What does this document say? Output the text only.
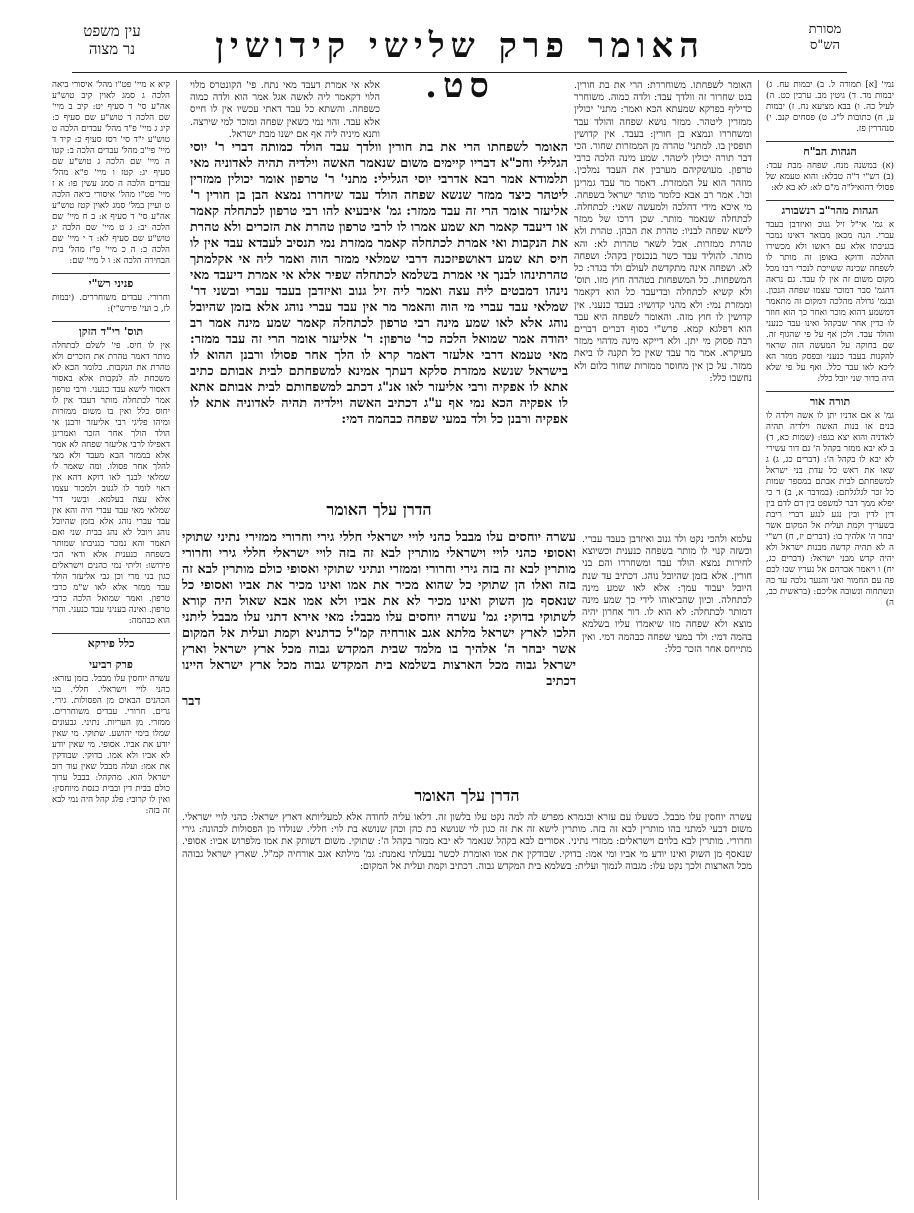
עין משפט
נר מצוה	האומר פרק שלישי קידושין סט.
מסורת
הש"ס

נמי' [א] תמורה ל. ב) יבמות עח. ג) יבמות מד. ד) גיטין מב. ערכין כט. ה) לעיל כה. ו) בבא מציעא נח. ז) יבמות ע, ח) כתובות ל"ג. ט) פסחים קנב. י) סנהדרין פז.

הגהות הב"ח

(א) במשנה מנח. שפחה מבת עבד: (ב) רש"י ד"ה טבלא: והוא טעמא של פסולי דהואיל"ה מ"ם לא: לא בא לא:

הגהות מהר"ב רנשבורג

א גמ' אי"ל זיל גנוב ואיזדבן בעבד עברי. הנה מכאן מבואר דאינו נמכר בגניבתו אלא עם ראשו ולא מכשירו ההלכה ודוקא באופן זה מותר לו לשפחה שכינה ששייכת לנכרי רבו מכל מקום משום זה אין לו עבד. גם נראה דהגמ' סבר דמוכר עצמו שפחה הנכון. ובגמ' גדולה מהלכה דמקום זה מתאמר דמשמע דהוא מוכר ואחר כך הוא חוזר לו כדין אחר שבקהל ואינו עבד כנעני והולד עבד. ולכן אף על פי שהגוף זה. שם בחוקה על המעשה הזה שראוי להקנות בעבד כנעני ובפסק ממזר הא ליכא לאו עבד כלל. ואף על פי שלא היה בדור שני יובל כלל:

תורה אור

גמ' א אם אדניו יתן לו אשה וילדה לו בנים או בנות האשה וילדיה תהיה לאדניה והוא יצא בגפו: (שמות כא, ד) ב לא יבא ממזר בקהל ה' גם דור עשירי לא יבא לו בקהל ה': (דברים כג, ג) ג שאו את ראש כל עדת בני ישראל למשפחתם לבית אבתם במספר שמות כל זכר לגלגלתם: (במדבר א, ב) ד כי יפלא ממך דבר למשפט בין דם לדם בין דין לדין ובין נגע לנגע דברי ריבת בשעריך וקמת ועלית אל המקום אשר יבחר ה' אלהיך בו: (דברים יז, ח) רש"י ה לא תהיה קדשה מבנות ישראל ולא יהיה קדש מבני ישראל: (דברים כג, יח) ו ויאמר אברהם אל נעריו שבו לכם פה עם החמור ואני והנער נלכה עד כה ונשתחוה ונשובה אליכם: (בראשית כב, ה)

האומר לשפחתו. משוחררת: הרי את בת חורין. בגט שחרור זה וולדך עבד: ולדה כמוה. משוחרר כדיליף בפרקא שמעתא הכא ואמר: מתני' יכולין ממזרין ליטהר. ממזר נושא שפחה והולד עבד ומשחררו ונמצא בן חורין: בעבד. אין קדושין תופסין בו. למתני' טהרה מן הממזרות שחור. הכי דבר תורה יכולין ליטהר. שמע מינה הלכה כרבי טרפון. מעושקיהם מערבין את העבד נמלכין. מוזהר הוא על הממזרת. דאמר מר עבד גמרינן וכו'. אמר רב אבא כלומר מותר ישראל בשפחה. מי איכא מידי דהלכה ולמעשה שאני: לבתחלה. לכתחלה שנאמר מותר. שכן דרכו של ממזר לישא שפחה לבניו: טהרת את הכהן. טהרת ולא טהרת ממזרות. אבל לשאר טהרות לא: והא מותר. להוליד עבד כשר בנכנסין בקהל: ושפחה לא. ושפחה אינה מתקדשת לעולם ולד בגדר: כל המשפחות. כל המשפחות בטהרה חוץ מזו. תוס' ולא קשיא לכתחלה ובדיעבד כל הוא דקאמר וממזרת נמי: ולא מהני קדושיו: בעבד כנעני. אין קדושין לו חוץ מזה. והאומר לשפחה היא עבד הוא דפלגא קמא. פרש"י בסוף דברים דברים רבה פסוק מי יתן. ולא דייקא מינה מדהוי ממזר מעיקרא. אמר מר עבד שאין כל תקנה לו ביאת ממזר. על כן אין מחוסר ממזרות שחור כלום ולא נחשבו כלל:

אלא אי אמרת דעבד מאי נתח. פי' הקונטרס מלוי הלוי דקאמר ליה לאשה אגל אמר הוא ולדה כמוה כשפחה. והשתא כל עבד דאתי עכשיו אין לו חייס אלא עבד. והוי נמי כשאין שפחה ומוכר למי שירצה. ותנא מיניה ליה אף אם ישנו מבת ישראל.

האומר לשפחתו הרי את בת חורין וולדך עבד הולד כמותה דברי ר' יוסי הגלילי וחכ"א דבריו קיימים משום שנאמר האשה וילדיה תהיה לאדוניה מאי תלמודא אמר רבא אדרבי יוסי הגלילי: מתני' ר' טרפון אומר יכולין ממזרין ליטהר כיצד ממזר שנשא שפחה הולד עבד שיחררו נמצא הבן בן חורין ר' אליעזר אומר הרי זה עבד ממזר: גמ' איבעיא להו רבי טרפון לכתחלה קאמר או דיעבד קאמר תא שמע אמרו לו לרבי טרפון טהרת את הזכרים ולא טהרת את הנקבות ואי אמרת לכתחלה קאמר ממזרת נמי תנסיב לעבדא עבד אין לו חיס תא שמע דאושפיזכנה דרבי שמלאי ממזר הוה ואמר ליה אי אקלמתך טהרתינהו לבנך אי אמרת בשלמא לכתחלה שפיר אלא אי אמרת דיעבד מאי נינהו דמבטים ליה עצה ואמר ליה זיל גנוב ואיזדבן בעבד עברי ובשני דר' שמלאי עבד עברי מי הוה והאמר מר אין עבד עברי נוהג אלא בזמן שהיובל נוהג אלא לאו שמע מינה רבי טרפון לכתחלה קאמר שמע מינה אמר רב יהודה אמר שמואל הלכה כר' טרפון: ר' אליעזר אומר הרי זה עבד ממזר: מאי טעמא דרבי אלעזר דאמר קרא לו הלך אחר פסולו ורבנן ההוא לו בישראל שנשא ממזרת סלקא דעתך אמינא למשפחתם לבית אבותם כתיב אתא לו אפקיה ורבי אליעזר לאו אנ"ג דכתב למשפחותם לבית אבותם אתא לו אפקיה הכא נמי אף ע"ג דכתיב האשה וילדיה תהיה לאדוניה אתא לו אפקיה ורבנן כל ולד במעי שפחה כבהמה דמי:

הדרן עלך האומר

עשרה יוחסים עלו מבבל כהני לויי ישראלי חללי גירי וחרורי ממזירי נתיני שתוקי ואסופי כהני לויי וישראלי מותרין לבא זה בזה לויי ישראלי חללי גירי וחרורי מותרין לבא זה בזה גירי וחרורי וממזרי ונתיני שתוקי ואסופי כולם מותרין לבא זה בזה ואלו הן שתוקי כל שהוא מכיר את אמו ואינו מכיר את אביו ואסופי כל שנאסף מן השוק ואינו מכיר לא את אביו ולא אמו אבא שאול היה קורא לשתוקי בדוקי: גמ' עשרה יוחסים עלו מבבל: מאי אירא דתני עלו מבבל ליתני הלכו לארץ ישראל מלתא אגב אורחיה קמ"ל כדתניא וקמת ועלית אל המקום אשר יבחר ה' אלהיך בו מלמד שבית המקדש גבוה מכל ארץ ישראל וארץ ישראל גבוה מכל הארצות בשלמא בית המקדש גבוה מכל ארץ ישראל היינו דכתיב

דבר

עלמא ולהכי נקט ולד גנוב ואיזדבן בעבד עברי. וכשזה קנוי לו מותר בשפחה כנענית וכשיוצא לחירות נמצא הולד עבד ומשחררו והם בני חורין. אלא בזמן שהיובל נוהג. דכתיב עד שנת היובל יעבוד עמך: אלא לאו שמע מינה לכתחלה. וכיון שהביאוהו לידי כך שמע מינה דמותר לכתחלה: לא הוא לו. דור אחרון יהיה מוצא ולא שפחה מזו שיאמרו עליו בשלמא בהמה דמי: ולד במעי שפחה כבהמה דמי. ואין מתייחס אחר הזכר כלל:

הדרן עלך האומר

עשרה יוחסין עלו מבבל. כשעלו עם עזרא ובגמרא מפרש לה למה נקט עלו בלשון זה. דלאו עליה לחודה אלא למעליותא דארץ ישראל: כהני לויי ישראלי. משום דבעי למתני בהו מותרין לבא זה בזה. מותרין לישא זה את זה כגון לוי שנושא בת כהן וכהן שנושא בת לוי: חללי. שנולדו מן הפסולות לכהונה: גירי וחרורי. מותרין לבא בלוים וישראלים: ממזרי נתיני. אסורים לבא בקהל שנאמר לא יבא ממזר בקהל ה': שתוקי. משום דשותק את אמו מלפרוש אביו: אסופי. שנאסף מן השוק ואינו יודע מי אביו ומי אמו: בדוקי. שבודקין את אמו ואומרת לכשר נבעלתי נאמנת: גמ' מילתא אגב אורחיה קמ"ל. שארץ ישראל גבוהה מכל הארצות ולכך נקט עלו: מגבוה לנמוך ועלית: בשלמא בית המקדש גבוה. דכתיב וקמת ועלית אל המקום:

קיא א מיי' פט"ו מהל' איסורי ביאה הלכה ג סמג לאוין קיב טוש"ע אה"ע סי' ד סעיף יט: קיב ב מיי' שם הלכה ד טוש"ע שם סעיף כ: קיג ג מיי' פ"ד מהל' עבדים הלכה ט טוש"ע י"ד סי' רסז סעיף כ: קיד ד מיי' פי"ב מהל' עבדים הלכה ב: קטו ה מיי' שם הלכה ג טוש"ע שם סעיף יג: קטז ו מיי' פ"א מהל' עבדים הלכה ה סמג עשין פו: א ז מיי' פט"ו מהל' איסורי ביאה הלכה ט ועיין במל' סמג לאוין קטז טוש"ע אה"ע סי' ד סעיף א: ב ח מיי' שם הלכה יב: ג ט מיי' שם הלכה יג טוש"ע שם סעיף לא: ד י מיי' שם הלכה כ: ה כ מיי' פ"ז מהל' בית הבחירה הלכה א: ו ל מיי' שם:

פניני רש"י

וחרורי. עבדים משוחררים. (יבמות לז, ב ועי' פירש"י):

תוס' רי"ד הזקן

אין לו חיס. פי' לשלם לבתחלה מותר דאמר טהרת את הזכרים ולא טהרת את הנקבות. כלומר הכא לא משכחת לה לנקבות אלא באסור דאסור לישא עבד כנעני. ורבי טרפון אמר לכתחלה מותר דעבד אין לו יחוס כלל ואין בו משום ממזרות ומיהו פליגי רבי אליעזר ורבנן אי הולד הולך אחר הזכר ואמרינן דאפילו לרבי אליעזר שפחה לא אמר אלא בממזר הבא מעבד ולא מצי להלך אחר פסולו. ומה שאמר לו שמלאי לבנך לאו דוקא דהא אין ראוי לומר לו לגנוב ולמכור עצמו אלא עצה בעלמא. ובשני דר' שמלאי מאי עבד עברי היה והא אין עבד עברי נוהג אלא בזמן שהיובל נוהג ויובל לא נהג בבית שני ואם תאמר והא נמכר בגניבתו שמותר בשפחה כנענית אלא ודאי הכי פירושו: וליתי נמי כהנים וישראלים כגון בני מרי וכן גבי אליעזר הולד עבד ממזר אלא לאו ש"מ כרבי טרפון. ואמר שמואל הלכה כרבי טרפון. ואינה בעניני עבד כנעני. והרי הוא כבהמה:

כלל פירקא
פרק רביעי

עשרה יוחסין עלו מבבל. בזמן עזרא: כהני לויי וישראלי. חללי. בני הכהנים הבאים מן הפסולות. גירי. גרים. חרורי. עבדים משוחררים. ממזרי. מן העריות. נתיני. גבעונים שמלו בימי יהושע. שתוקי. מי שאין יודע את אביו. אסופי. מי שאין יודע לא אביו ולא אמו. בדוקי. שבודקין את אמו: ועלה מבבל שאין עוד רוב ישראל הוא. מהקהל: בבבל ערוך כולם בבית דין ובבית כנסת מיוחסין: ואין לו קרובי: פלג קהל היה נמי לבא זה בזה:
